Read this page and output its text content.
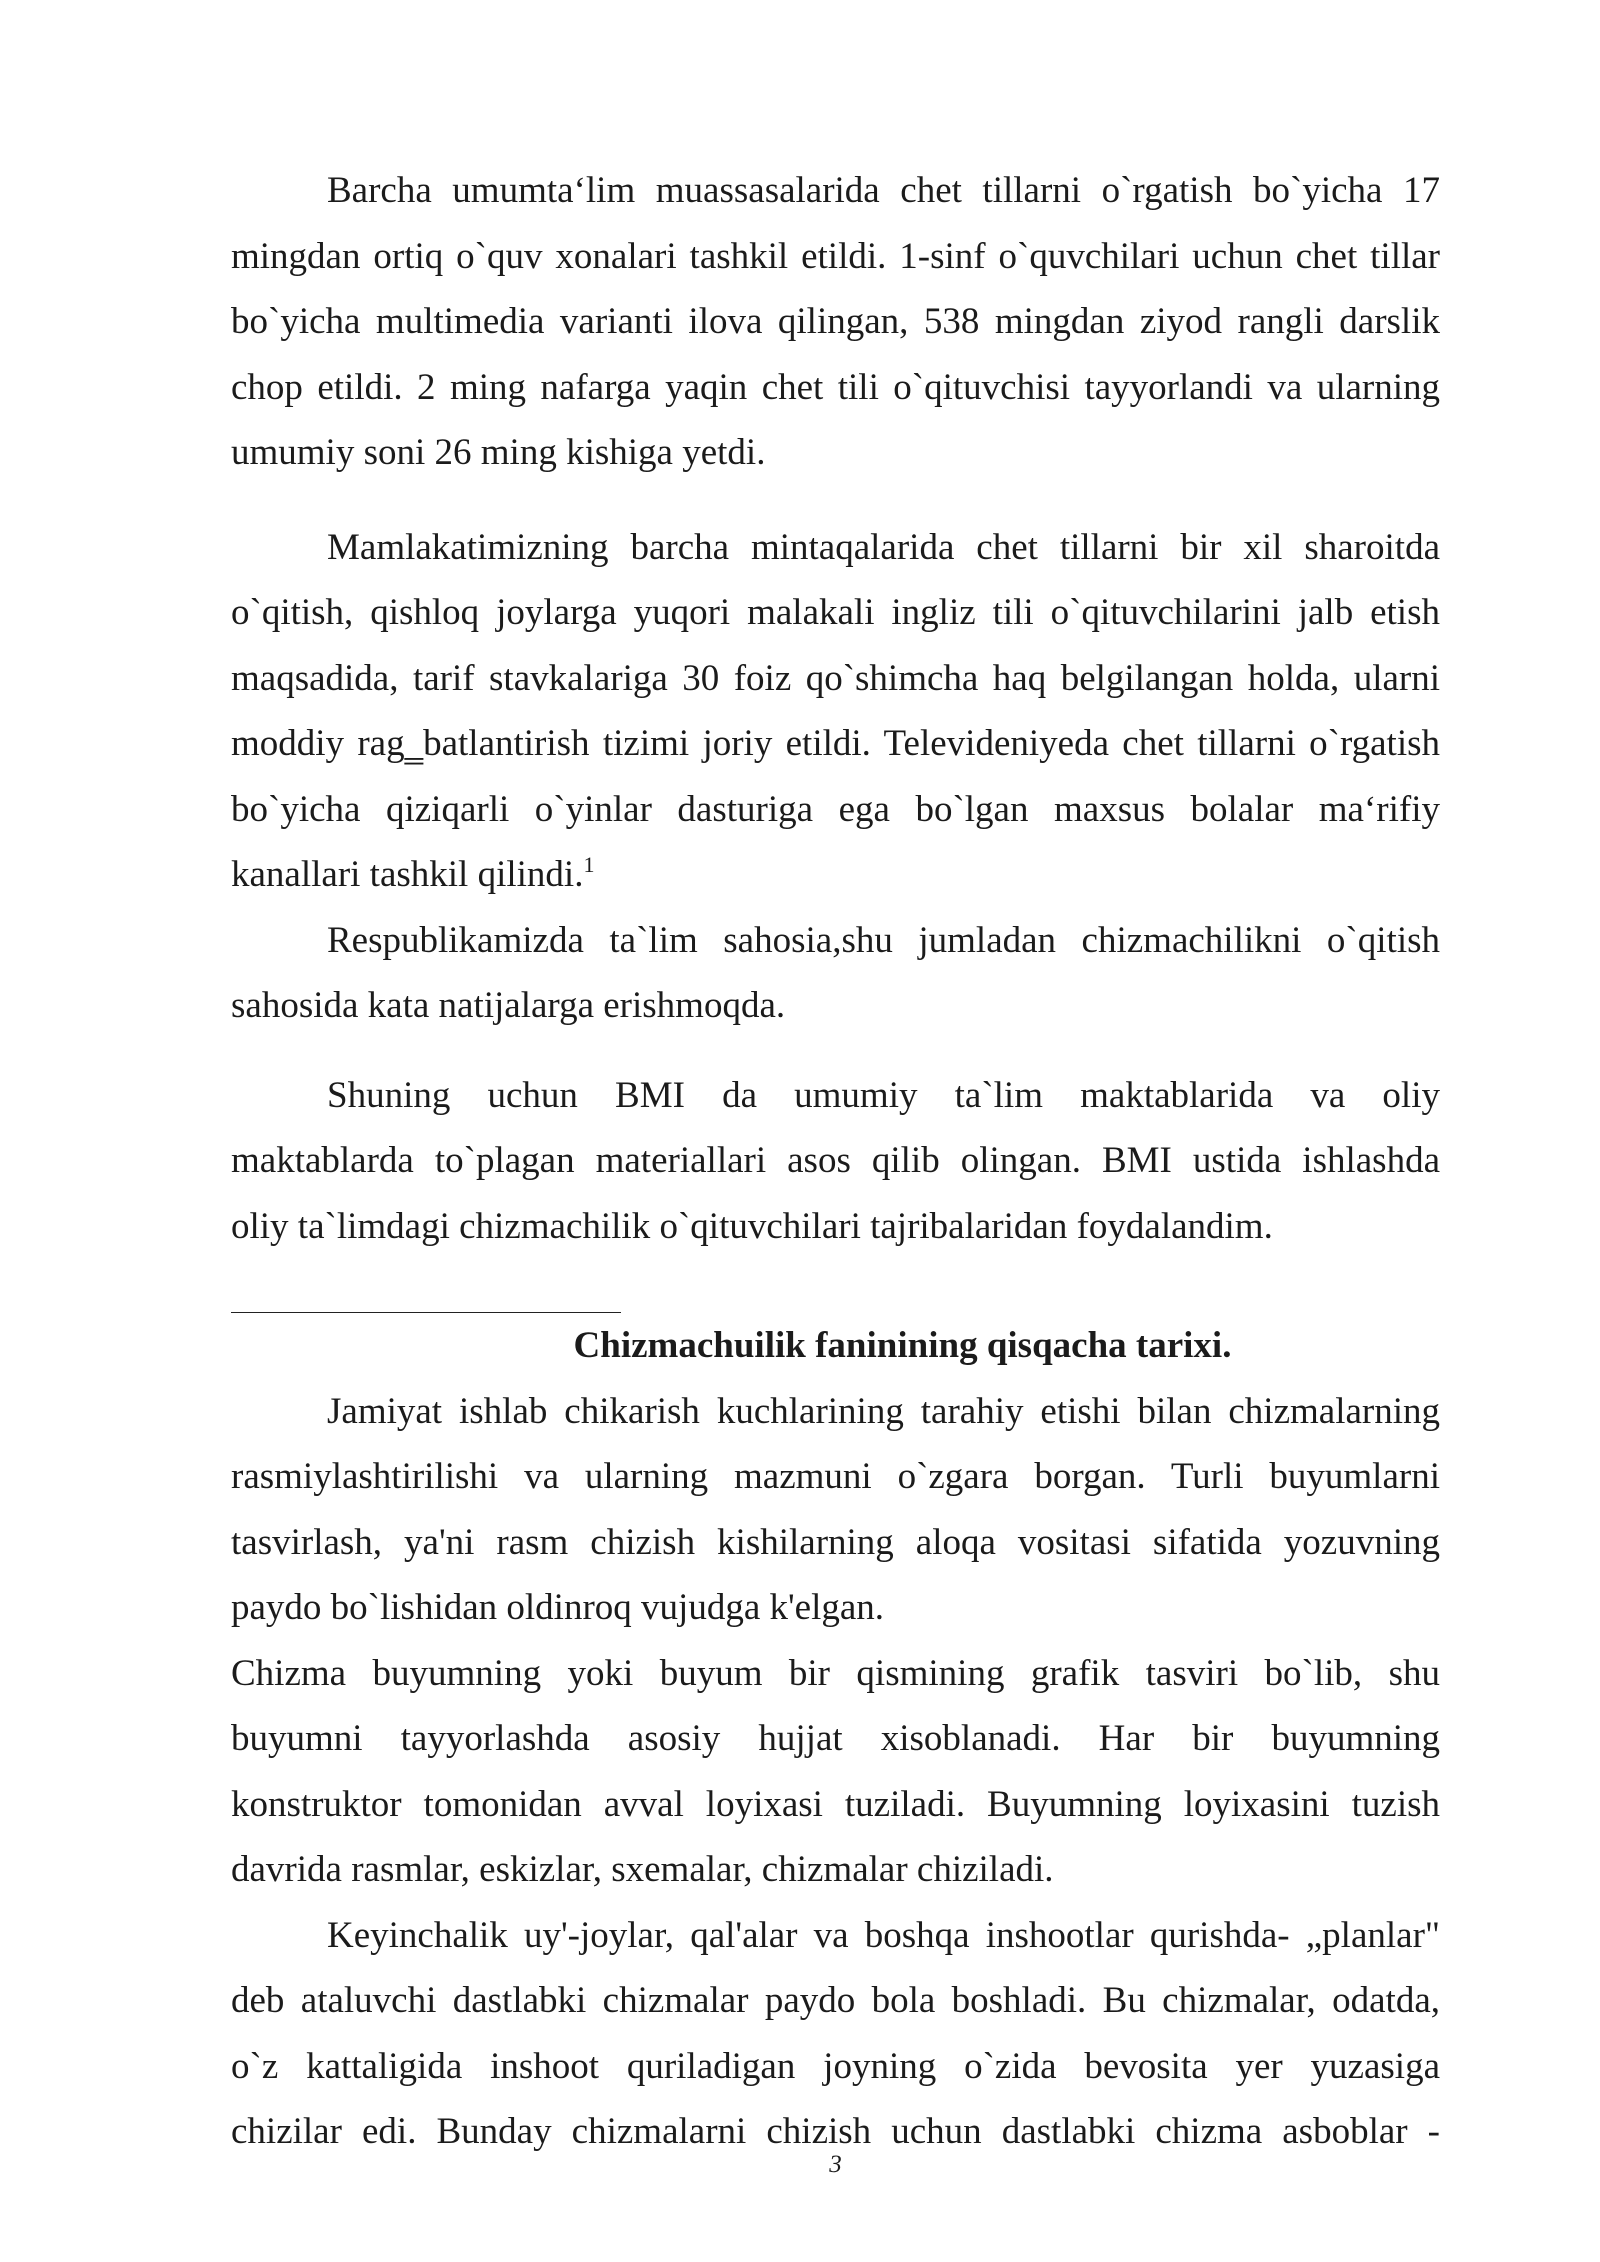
Barcha umumta‘lim muassasalarida chet tillarni o`rgatish bo`yicha 17
mingdan ortiq o`quv xonalari tashkil etildi. 1-sinf o`quvchilari uchun chet tillar
bo`yicha multimedia varianti ilova qilingan, 538 mingdan ziyod rangli darslik
chop etildi. 2 ming nafarga yaqin chet tili o`qituvchisi tayyorlandi va ularning
umumiy soni 26 ming kishiga yetdi.
Mamlakatimizning barcha mintaqalarida chet tillarni bir xil sharoitda
o`qitish, qishloq joylarga yuqori malakali ingliz tili o`qituvchilarini jalb etish
maqsadida, tarif stavkalariga 30 foiz qo`shimcha haq belgilangan holda, ularni
moddiy rag‗batlantirish tizimi joriy etildi. Televideniyeda chet tillarni o`rgatish
bo`yicha qiziqarli o`yinlar dasturiga ega bo`lgan maxsus bolalar ma‘rifiy
kanallari tashkil qilindi.$^1$
Respublikamizda ta`lim sahosia,shu jumladan chizmachilikni o`qitish
sahosida kata natijalarga erishmoqda.
Shuning uchun BMI da umumiy ta`lim maktablarida va oliy
maktablarda to`plagan materiallari asos qilib olingan. BMI ustida ishlashda
oliy ta`limdagi chizmachilik o`qituvchilari tajribalaridan foydalandim.
Chizmachuilik faninining qisqacha tarixi.
Jamiyat ishlab chikarish kuchlarining tarahiy etishi bilan chizmalarning
rasmiylashtirilishi va ularning mazmuni o`zgara borgan. Turli buyumlarni
tasvirlash, ya'ni rasm chizish kishilarning aloqa vositasi sifatida yozuvning
paydo bo`lishidan oldinroq vujudga k'elgan.
Chizma buyumning yoki buyum bir qismining grafik tasviri bo`lib, shu
buyumni tayyorlashda asosiy hujjat xisoblanadi. Har bir buyumning
konstruktor tomonidan avval loyixasi tuziladi. Buyumning loyixasini tuzish
davrida rasmlar, eskizlar, sxemalar, chizmalar chiziladi.
Keyinchalik uy'-joylar, qal'alar va boshqa inshootlar qurishda- „planlar"
deb ataluvchi dastlabki chizmalar paydo bola boshladi. Bu chizmalar, odatda,
o`z kattaligida inshoot quriladigan joyning o`zida bevosita yer yuzasiga
chizilar edi. Bunday chizmalarni chizish uchun dastlabki chizma asboblar -
3
